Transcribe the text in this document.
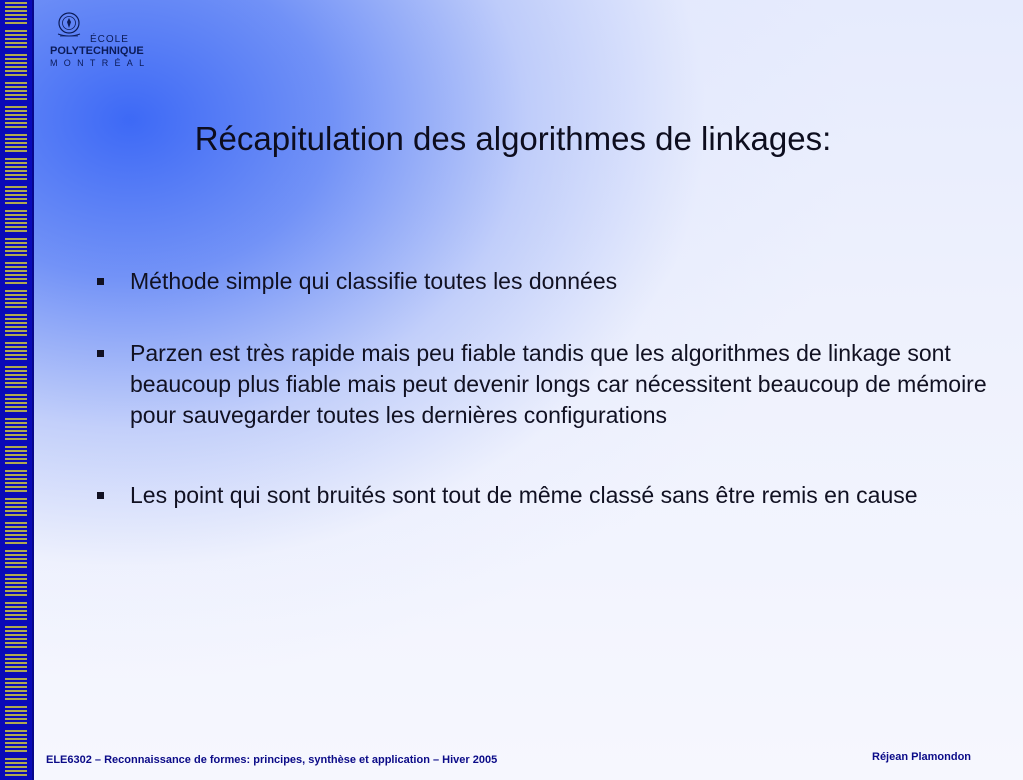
ÉCOLE
POLYTECHNIQUE
MONTRÉAL
Récapitulation des algorithmes de linkages:
Méthode simple qui classifie toutes les données
Parzen est très rapide mais peu fiable tandis que les algorithmes de linkage sont beaucoup plus fiable mais peut devenir longs car nécessitent beaucoup de mémoire pour sauvegarder toutes les dernières configurations
Les point qui sont bruités sont tout de même classé sans être remis en cause
ELE6302 – Reconnaissance de formes: principes, synthèse et application – Hiver 2005	Réjean Plamondon
